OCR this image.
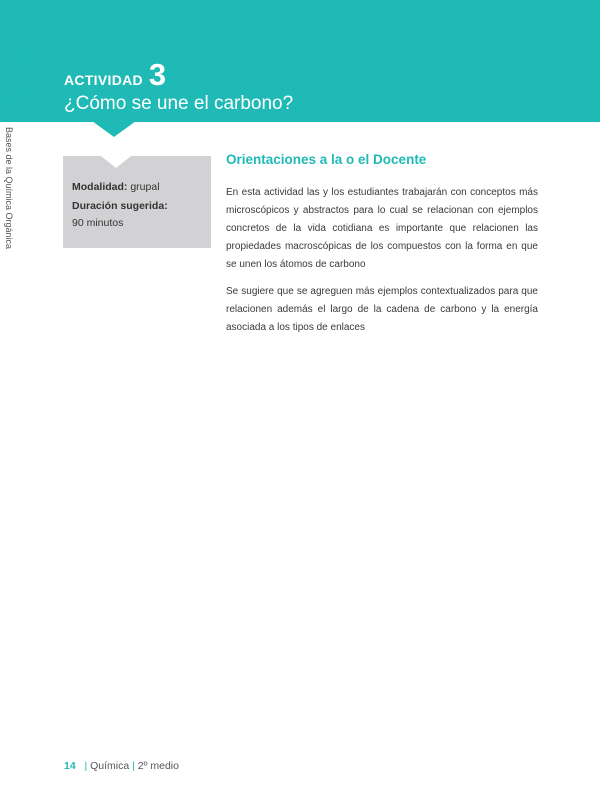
ACTIVIDAD 3
¿Cómo se une el carbono?
Experiencias
de aprendizaje
Bases de la Química Orgánica	Modalidad: grupal
Duración sugerida:
90 minutos
Orientaciones a la o el Docente
En esta actividad las y los estudiantes trabajarán con conceptos más microscópicos y abstractos para lo cual se relacionan con ejemplos concretos de la vida cotidiana es importante que relacionen las propiedades macroscópicas de los compuestos con la forma en que se unen los átomos de carbono
Se sugiere que se agreguen más ejemplos contextualizados para que relacionen además el largo de la cadena de carbono y la energía asociada a los tipos de enlaces
14   | Química | 2º medio
